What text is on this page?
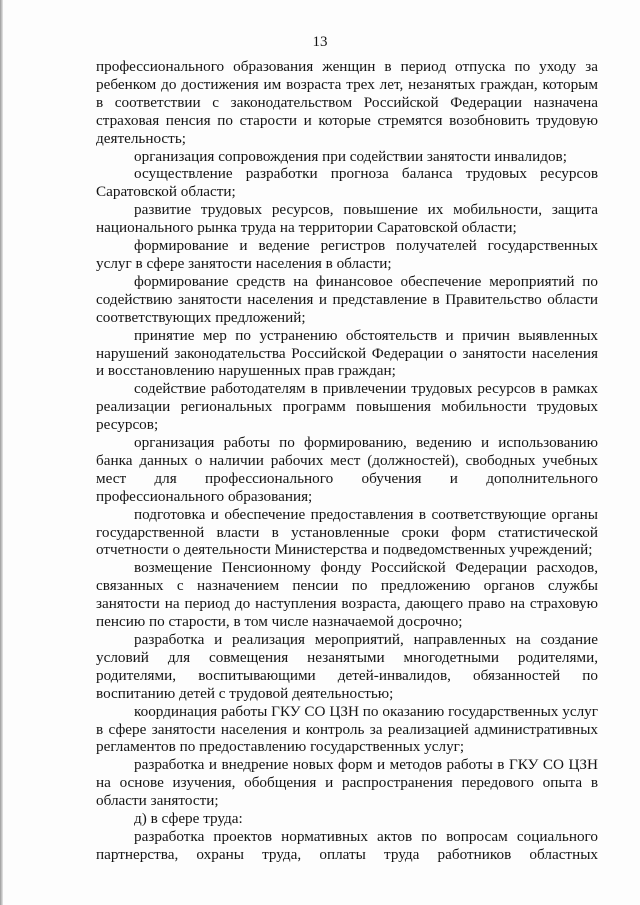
13

профессионального образования женщин в период отпуска по уходу за ребенком до достижения им возраста трех лет, незанятых граждан, которым в соответствии с законодательством Российской Федерации назначена страховая пенсия по старости и которые стремятся возобновить трудовую деятельность;

организация сопровождения при содействии занятости инвалидов;

осуществление разработки прогноза баланса трудовых ресурсов Саратовской области;

развитие трудовых ресурсов, повышение их мобильности, защита национального рынка труда на территории Саратовской области;

формирование и ведение регистров получателей государственных услуг в сфере занятости населения в области;

формирование средств на финансовое обеспечение мероприятий по содействию занятости населения и представление в Правительство области соответствующих предложений;

принятие мер по устранению обстоятельств и причин выявленных нарушений законодательства Российской Федерации о занятости населения и восстановлению нарушенных прав граждан;

содействие работодателям в привлечении трудовых ресурсов в рамках реализации региональных программ повышения мобильности трудовых ресурсов;

организация работы по формированию, ведению и использованию банка данных о наличии рабочих мест (должностей), свободных учебных мест для профессионального обучения и дополнительного профессионального образования;

подготовка и обеспечение предоставления в соответствующие органы государственной власти в установленные сроки форм статистической отчетности о деятельности Министерства и подведомственных учреждений;

возмещение Пенсионному фонду Российской Федерации расходов, связанных с назначением пенсии по предложению органов службы занятости на период до наступления возраста, дающего право на страховую пенсию по старости, в том числе назначаемой досрочно;

разработка и реализация мероприятий, направленных на создание условий для совмещения незанятыми многодетными родителями, родителями, воспитывающими детей-инвалидов, обязанностей по воспитанию детей с трудовой деятельностью;

координация работы ГКУ СО ЦЗН по оказанию государственных услуг в сфере занятости населения и контроль за реализацией административных регламентов по предоставлению государственных услуг;

разработка и внедрение новых форм и методов работы в ГКУ СО ЦЗН на основе изучения, обобщения и распространения передового опыта в области занятости;

д) в сфере труда:

разработка проектов нормативных актов по вопросам социального партнерства, охраны труда, оплаты труда работников областных
